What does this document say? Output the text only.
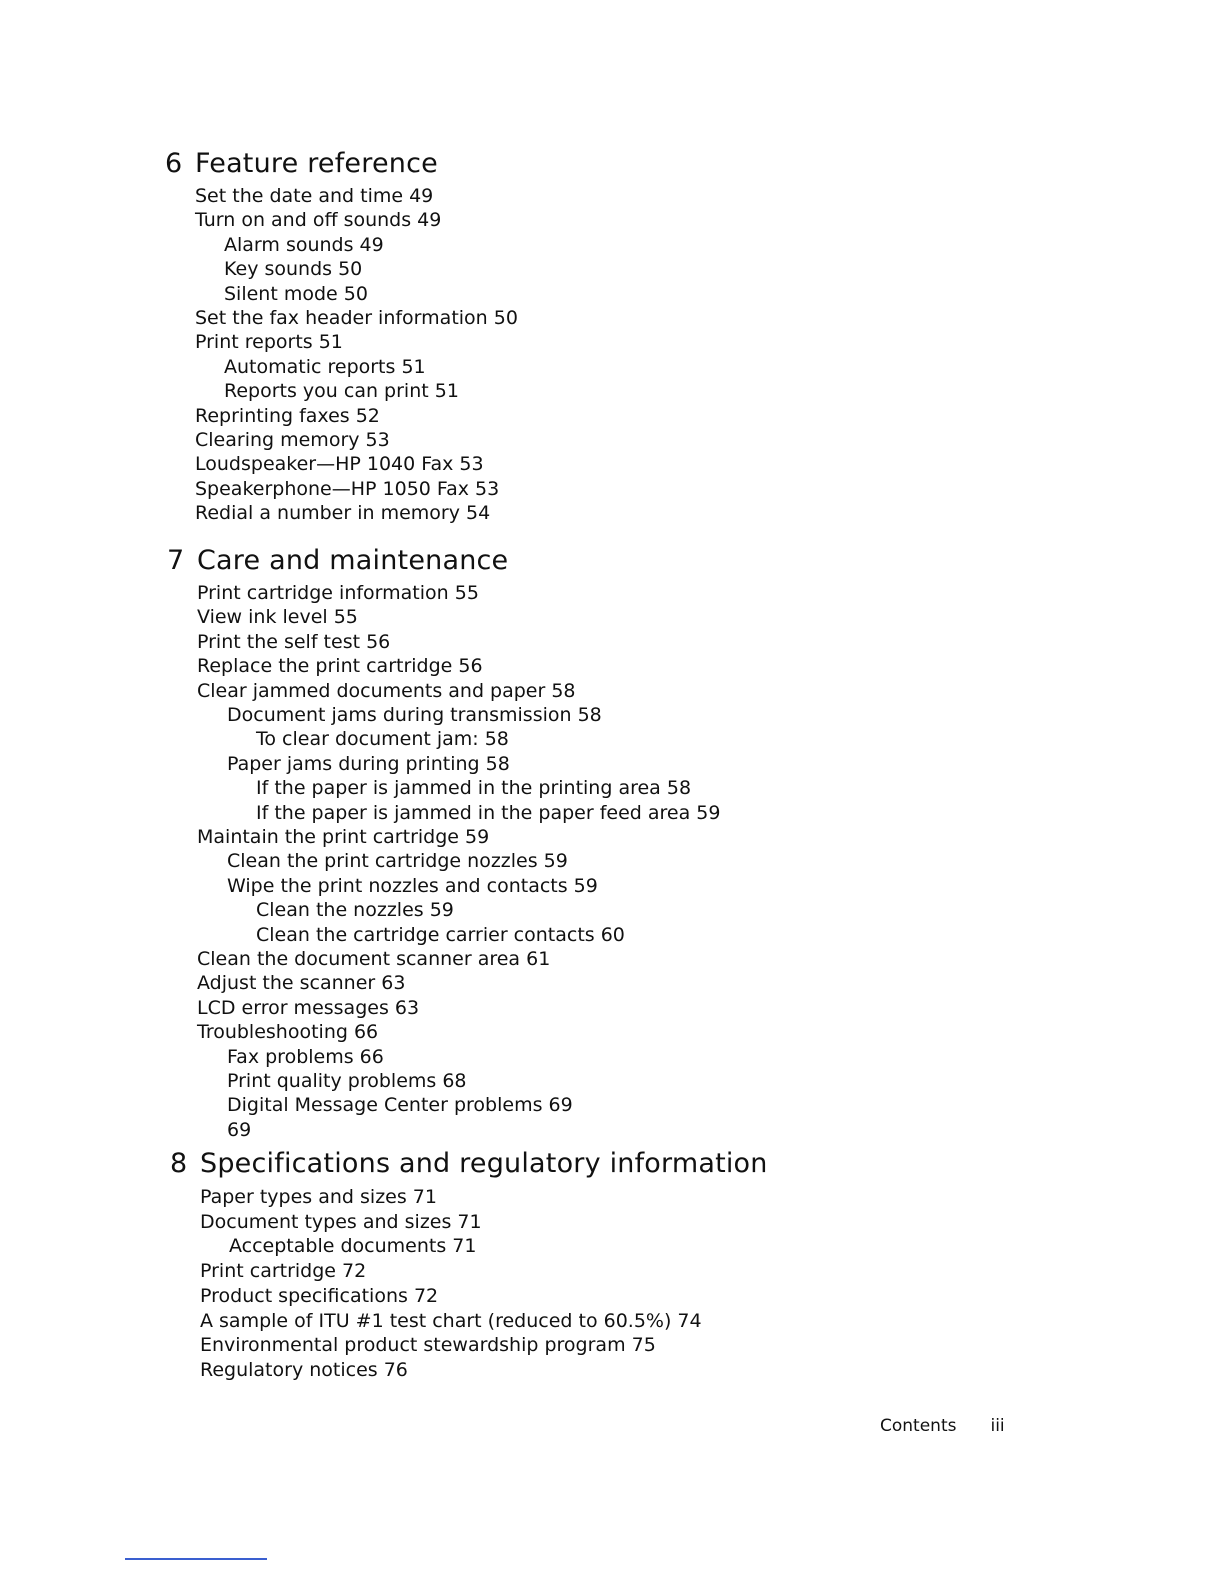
6 Feature reference
Set the date and time 49
Turn on and off sounds 49
Alarm sounds 49
Key sounds 50
Silent mode 50
Set the fax header information 50
Print reports 51
Automatic reports 51
Reports you can print 51
Reprinting faxes 52
Clearing memory 53
Loudspeaker—HP 1040 Fax 53
Speakerphone—HP 1050 Fax 53
Redial a number in memory 54
7 Care and maintenance
Print cartridge information 55
View ink level 55
Print the self test 56
Replace the print cartridge 56
Clear jammed documents and paper 58
Document jams during transmission 58
To clear document jam: 58
Paper jams during printing 58
If the paper is jammed in the printing area 58
If the paper is jammed in the paper feed area 59
Maintain the print cartridge 59
Clean the print cartridge nozzles 59
Wipe the print nozzles and contacts 59
Clean the nozzles 59
Clean the cartridge carrier contacts 60
Clean the document scanner area 61
Adjust the scanner 63
LCD error messages 63
Troubleshooting 66
Fax problems 66
Print quality problems 68
Digital Message Center problems 69
69
8 Specifications and regulatory information
Paper types and sizes 71
Document types and sizes 71
Acceptable documents 71
Print cartridge 72
Product specifications 72
A sample of ITU #1 test chart (reduced to 60.5%) 74
Environmental product stewardship program 75
Regulatory notices 76
Contents iii
